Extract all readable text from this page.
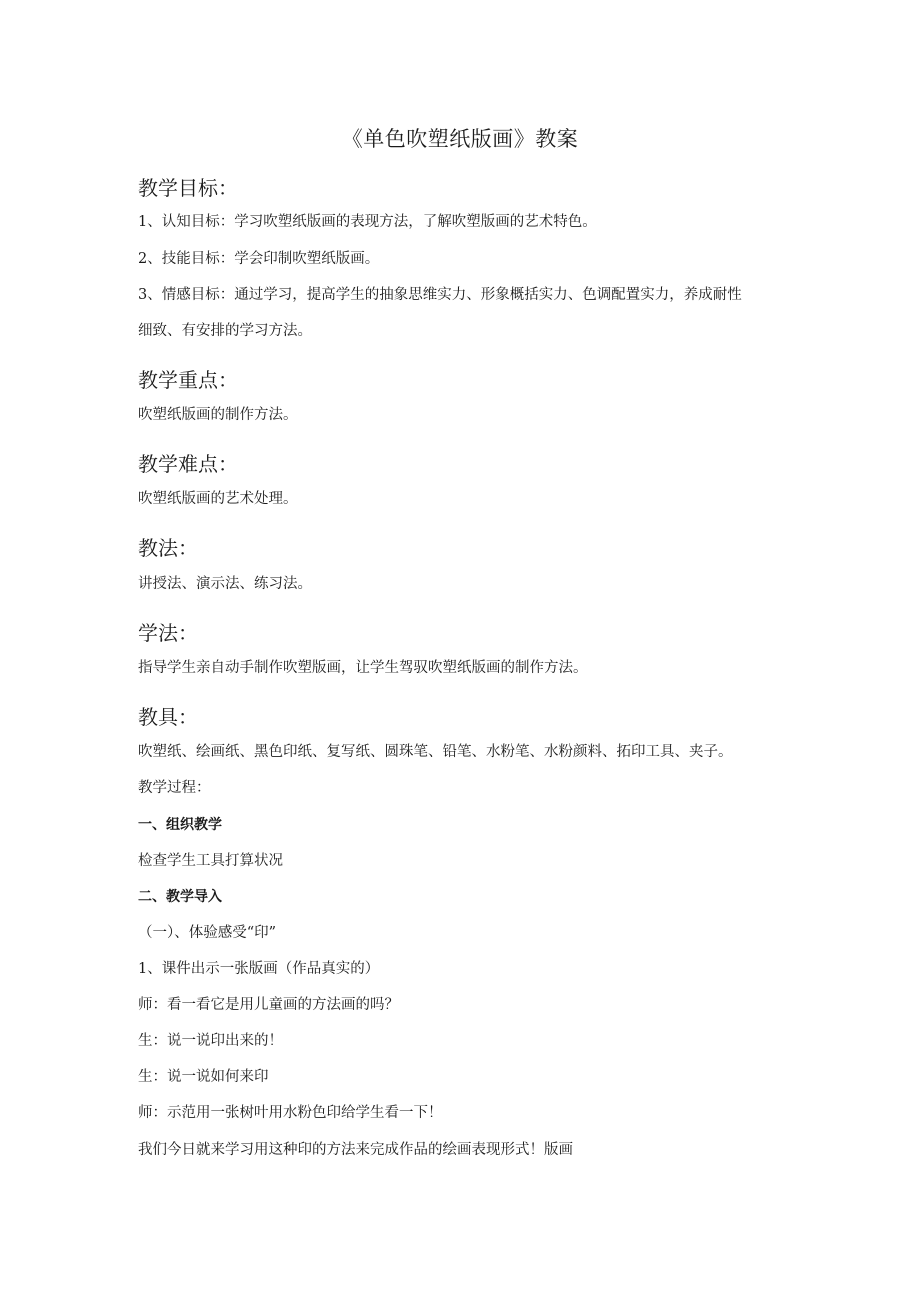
《单色吹塑纸版画》教案
教学目标：
1、认知目标：学习吹塑纸版画的表现方法，了解吹塑版画的艺术特色。
2、技能目标：学会印制吹塑纸版画。
3、情感目标：通过学习，提高学生的抽象思维实力、形象概括实力、色调配置实力，养成耐性
细致、有安排的学习方法。
教学重点：
吹塑纸版画的制作方法。
教学难点：
吹塑纸版画的艺术处理。
教法：
讲授法、演示法、练习法。
学法：
指导学生亲自动手制作吹塑版画，让学生驾驭吹塑纸版画的制作方法。
教具：
吹塑纸、绘画纸、黑色印纸、复写纸、圆珠笔、铅笔、水粉笔、水粉颜料、拓印工具、夹子。
教学过程：
一、组织教学
检查学生工具打算状况
二、教学导入
（一）、体验感受“印”
1、课件出示一张版画（作品真实的）
师：看一看它是用儿童画的方法画的吗？
生：说一说印出来的！
生：说一说如何来印
师：示范用一张树叶用水粉色印给学生看一下！
我们今日就来学习用这种印的方法来完成作品的绘画表现形式！版画
